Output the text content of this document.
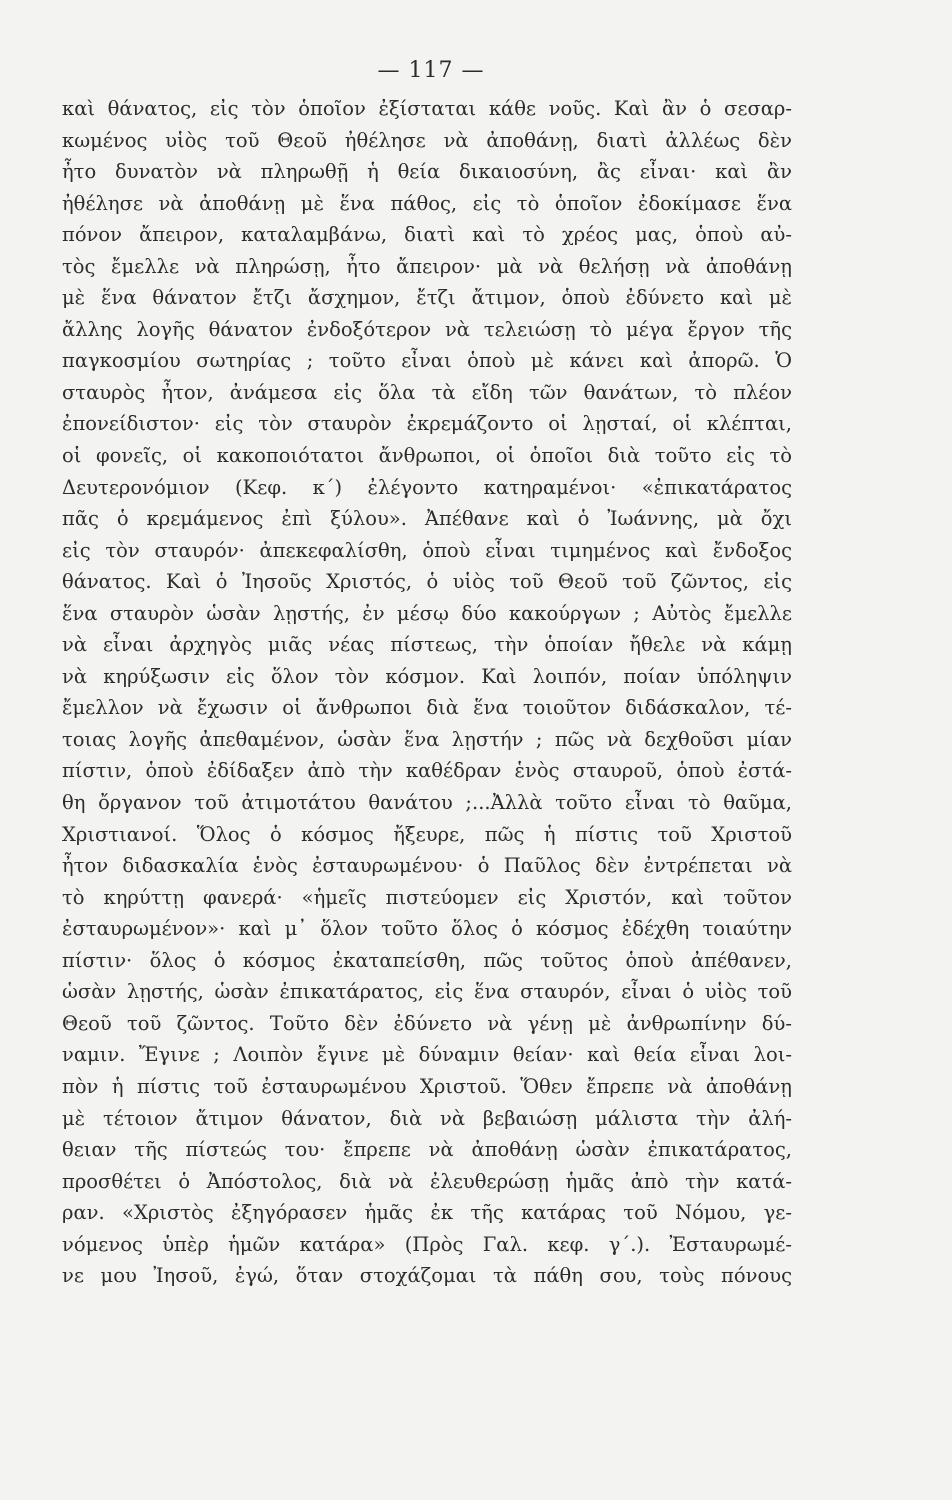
— 117 —
καὶ θάνατος, εἰς τὸν ὁποῖον ἐξίσταται κάθε νοῦς. Καὶ ἂν ὁ σεσαρ-
κωμένος υἱὸς τοῦ Θεοῦ ἠθέλησε νὰ ἀποθάνῃ, διατὶ ἀλλέως δὲν
ἦτο δυνατὸν νὰ πληρωθῇ ἡ θεία δικαιοσύνη, ἂς εἶναι· καὶ ἂν
ἠθέλησε νὰ ἀποθάνῃ μὲ ἕνα πάθος, εἰς τὸ ὁποῖον ἐδοκίμασε ἕνα
πόνον ἄπειρον, καταλαμβάνω, διατὶ καὶ τὸ χρέος μας, ὁποὺ αὐ-
τὸς ἔμελλε νὰ πληρώσῃ, ἦτο ἄπειρον· μὰ νὰ θελήσῃ νὰ ἀποθάνῃ
μὲ ἕνα θάνατον ἔτζι ἄσχημον, ἔτζι ἄτιμον, ὁποὺ ἐδύνετο καὶ μὲ
ἄλλης λογῆς θάνατον ἐνδοξότερον νὰ τελειώσῃ τὸ μέγα ἔργον τῆς
παγκοσμίου σωτηρίας ; τοῦτο εἶναι ὁποὺ μὲ κάνει καὶ ἀπορῶ. Ὁ
σταυρὸς ἦτον, ἀνάμεσα εἰς ὅλα τὰ εἴδη τῶν θανάτων, τὸ πλέον
ἐπονείδιστον· εἰς τὸν σταυρὸν ἐκρεμάζοντο οἱ λῃσταί, οἱ κλέπται,
οἱ φονεῖς, οἱ κακοποιότατοι ἄνθρωποι, οἱ ὁποῖοι διὰ τοῦτο εἰς τὸ
Δευτερονόμιον (Κεφ. κ΄) ἐλέγοντο κατηραμένοι· «ἐπικατάρατος
πᾶς ὁ κρεμάμενος ἐπὶ ξύλου». Ἀπέθανε καὶ ὁ Ἰωάννης, μὰ ὄχι
εἰς τὸν σταυρόν· ἀπεκεφαλίσθη, ὁποὺ εἶναι τιμημένος καὶ ἔνδοξος
θάνατος. Καὶ ὁ Ἰησοῦς Χριστός, ὁ υἱὸς τοῦ Θεοῦ τοῦ ζῶντος, εἰς
ἕνα σταυρὸν ὡσὰν λῃστής, ἐν μέσῳ δύο κακούργων ; Αὐτὸς ἔμελλε
νὰ εἶναι ἀρχηγὸς μιᾶς νέας πίστεως, τὴν ὁποίαν ἤθελε νὰ κάμῃ
νὰ κηρύξωσιν εἰς ὅλον τὸν κόσμον. Καὶ λοιπόν, ποίαν ὑπόληψιν
ἔμελλον νὰ ἔχωσιν οἱ ἄνθρωποι διὰ ἕνα τοιοῦτον διδάσκαλον, τέ-
τοιας λογῆς ἀπεθαμένον, ὡσὰν ἕνα λῃστήν ; πῶς νὰ δεχθοῦσι μίαν
πίστιν, ὁποὺ ἐδίδαξεν ἀπὸ τὴν καθέδραν ἑνὸς σταυροῦ, ὁποὺ ἐστά-
θη ὄργανον τοῦ ἀτιμοτάτου θανάτου ;...Ἀλλὰ τοῦτο εἶναι τὸ θαῦμα,
Χριστιανοί. Ὅλος ὁ κόσμος ἤξευρε, πῶς ἡ πίστις τοῦ Χριστοῦ
ἦτον διδασκαλία ἑνὸς ἐσταυρωμένου· ὁ Παῦλος δὲν ἐντρέπεται νὰ
τὸ κηρύττῃ φανερά· «ἡμεῖς πιστεύομεν εἰς Χριστόν, καὶ τοῦτον
ἐσταυρωμένον»· καὶ μ᾽ ὅλον τοῦτο ὅλος ὁ κόσμος ἐδέχθη τοιαύτην
πίστιν· ὅλος ὁ κόσμος ἐκαταπείσθη, πῶς τοῦτος ὁποὺ ἀπέθανεν,
ὡσὰν λῃστής, ὡσὰν ἐπικατάρατος, εἰς ἕνα σταυρόν, εἶναι ὁ υἱὸς τοῦ
Θεοῦ τοῦ ζῶντος. Τοῦτο δὲν ἐδύνετο νὰ γένῃ μὲ ἀνθρωπίνην δύ-
ναμιν. Ἔγινε ; Λοιπὸν ἔγινε μὲ δύναμιν θείαν· καὶ θεία εἶναι λοι-
πὸν ἡ πίστις τοῦ ἐσταυρωμένου Χριστοῦ. Ὅθεν ἔπρεπε νὰ ἀποθάνῃ
μὲ τέτοιον ἄτιμον θάνατον, διὰ νὰ βεβαιώσῃ μάλιστα τὴν ἀλή-
θειαν τῆς πίστεώς του· ἔπρεπε νὰ ἀποθάνῃ ὡσὰν ἐπικατάρατος,
προσθέτει ὁ Ἀπόστολος, διὰ νὰ ἐλευθερώσῃ ἡμᾶς ἀπὸ τὴν κατά-
ραν. «Χριστὸς ἐξηγόρασεν ἡμᾶς ἐκ τῆς κατάρας τοῦ Νόμου, γε-
νόμενος ὑπὲρ ἡμῶν κατάρα» (Πρὸς Γαλ. κεφ. γ΄.). Ἐσταυρωμέ-
νε μου Ἰησοῦ, ἐγώ, ὅταν στοχάζομαι τὰ πάθη σου, τοὺς πόνους
